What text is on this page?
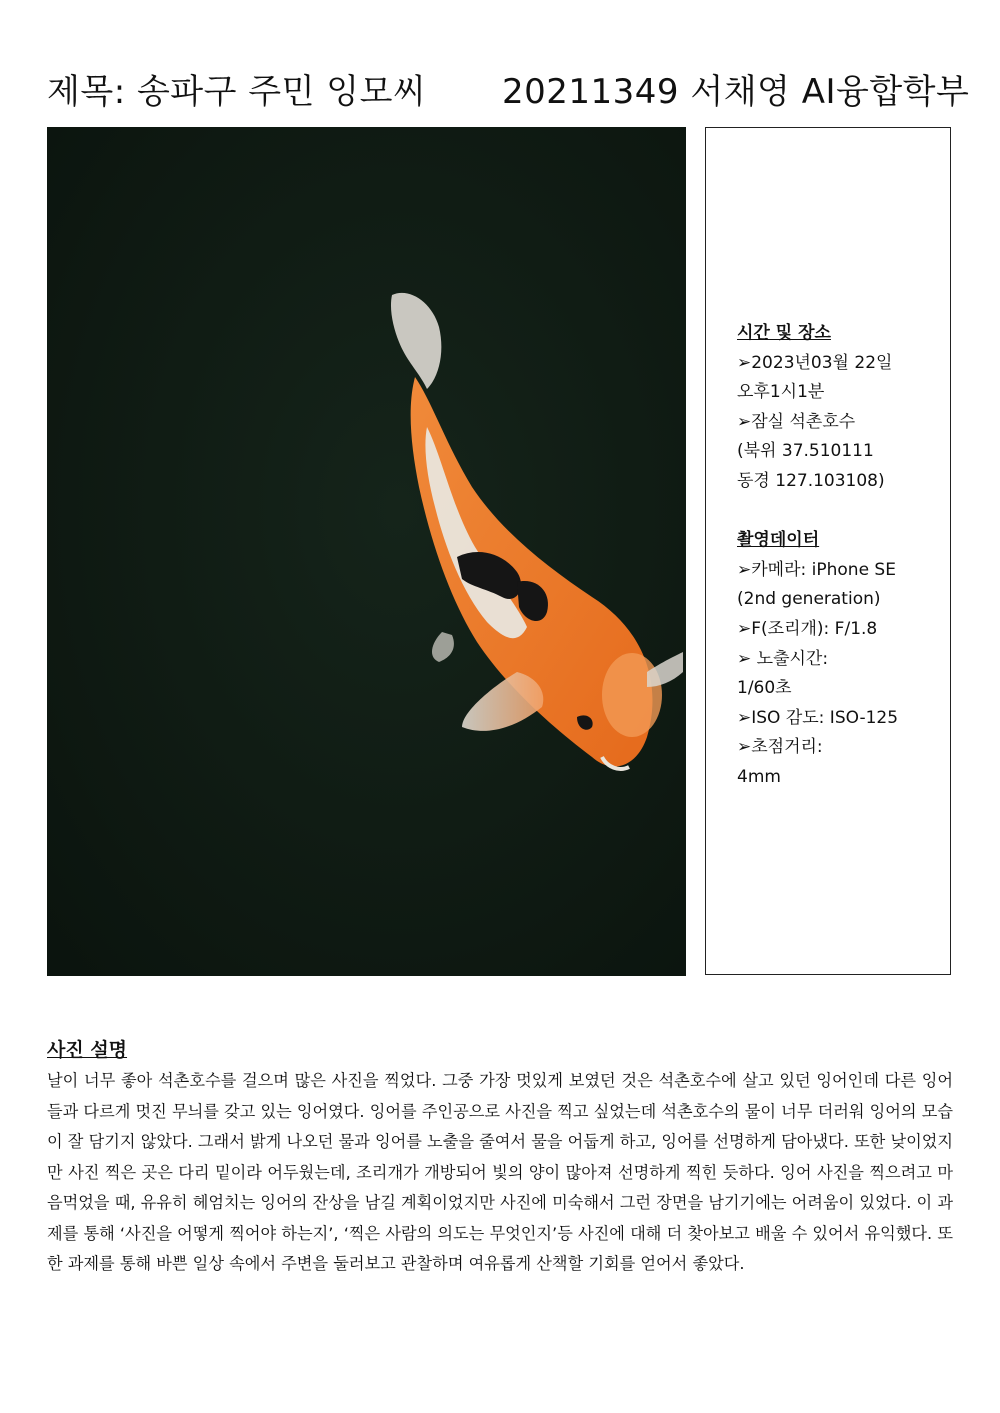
제목: 송파구 주민 잉모씨 20211349 서채영 AI융합학부
시간 및 장소
➢2023년03월 22일
오후1시1분
➢잠실 석촌호수
(북위 37.510111
동경 127.103108)
촬영데이터
➢카메라: iPhone SE
(2nd generation)
➢F(조리개): F/1.8
➢ 노출시간:
1/60초
➢ISO 감도: ISO-125
➢초점거리:
4mm
사진 설명
날이 너무 좋아 석촌호수를 걸으며 많은 사진을 찍었다. 그중 가장 멋있게 보였던 것은 석촌호수에 살고 있던 잉어인데 다른 잉어들과 다르게 멋진 무늬를 갖고 있는 잉어였다. 잉어를 주인공으로 사진을 찍고 싶었는데 석촌호수의 물이 너무 더러워 잉어의 모습이 잘 담기지 않았다. 그래서 밝게 나오던 물과 잉어를 노출을 줄여서 물을 어둡게 하고, 잉어를 선명하게 담아냈다. 또한 낮이었지만 사진 찍은 곳은 다리 밑이라 어두웠는데, 조리개가 개방되어 빛의 양이 많아져 선명하게 찍힌 듯하다. 잉어 사진을 찍으려고 마음먹었을 때, 유유히 헤엄치는 잉어의 잔상을 남길 계획이었지만 사진에 미숙해서 그런 장면을 남기기에는 어려움이 있었다. 이 과제를 통해 ‘사진을 어떻게 찍어야 하는지’, ‘찍은 사람의 의도는 무엇인지’등 사진에 대해 더 찾아보고 배울 수 있어서 유익했다. 또한 과제를 통해 바쁜 일상 속에서 주변을 둘러보고 관찰하며 여유롭게 산책할 기회를 얻어서 좋았다.
